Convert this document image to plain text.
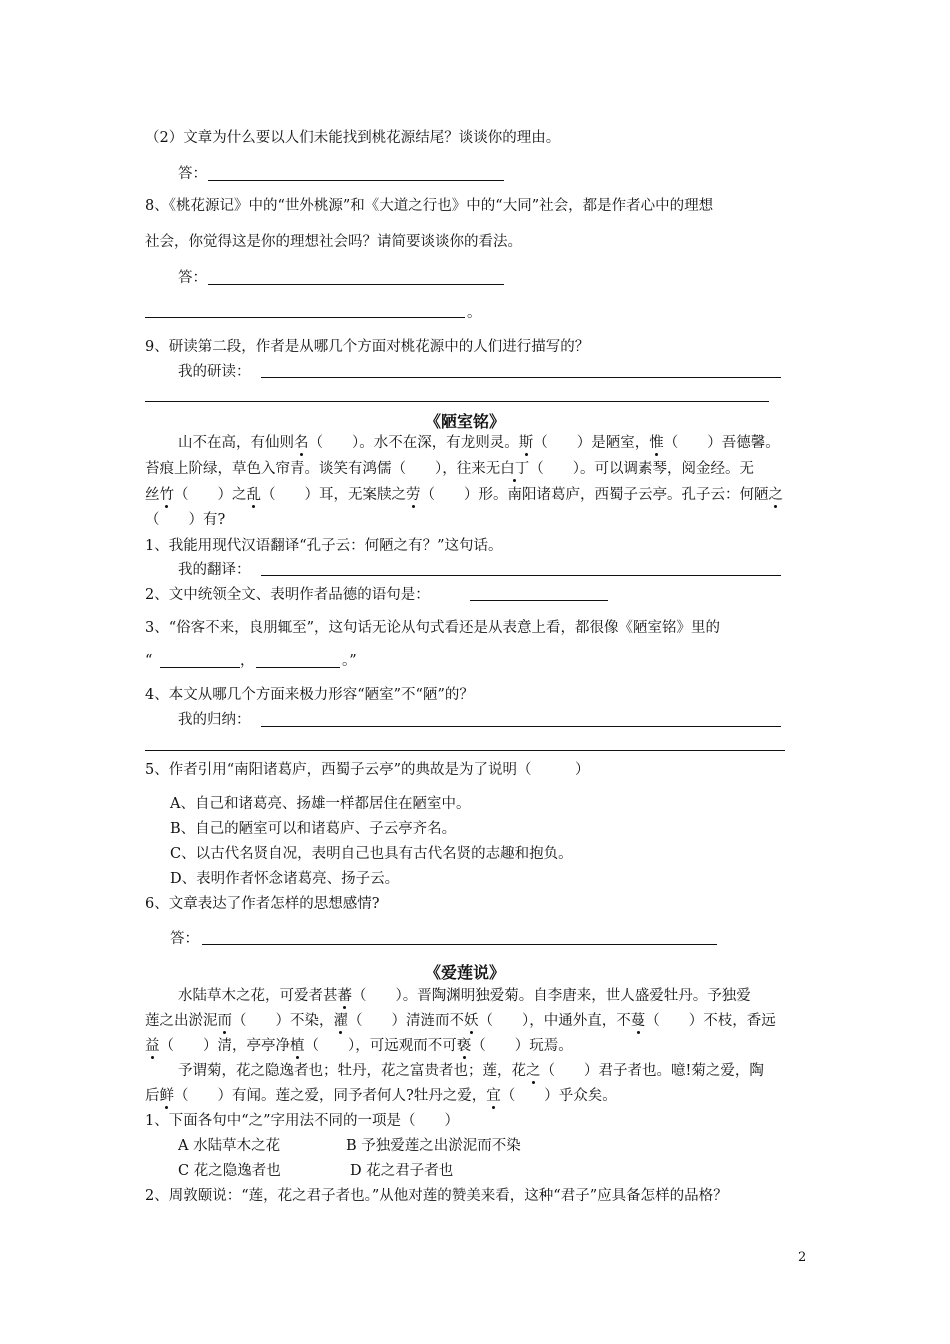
（2）文章为什么要以人们未能找到桃花源结尾？谈谈你的理由。
答：
8、《桃花源记》中的“世外桃源”和《大道之行也》中的“大同”社会，都是作者心中的理想
社会，你觉得这是你的理想社会吗？请简要谈谈你的看法。
答：
。
9、研读第二段，作者是从哪几个方面对桃花源中的人们进行描写的？
我的研读：
《陋室铭》
山不在高，有仙则名（　　）。水不在深，有龙则灵。斯（　　）是陋室，惟（　　）吾德馨。
苔痕上阶绿，草色入帘青。谈笑有鸿儒（　　），往来无白丁（　　）。可以调素琴，阅金经。无
丝竹（　　）之乱（　　）耳，无案牍之劳（　　）形。南阳诸葛庐，西蜀子云亭。孔子云：何陋之
（　　）有?
1、我能用现代汉语翻译“孔子云：何陋之有？”这句话。
我的翻译：
2、文中统领全文、表明作者品德的语句是：
3、“俗客不来，良朋辄至”，这句话无论从句式看还是从表意上看，都很像《陋室铭》里的
“	，	。”
4、本文从哪几个方面来极力形容“陋室”不“陋”的？
我的归纳：
5、作者引用“南阳诸葛庐，西蜀子云亭”的典故是为了说明（　　　）
A、自己和诸葛亮、扬雄一样都居住在陋室中。
B、自己的陋室可以和诸葛庐、子云亭齐名。
C、以古代名贤自况，表明自己也具有古代名贤的志趣和抱负。
D、表明作者怀念诸葛亮、扬子云。
6、文章表达了作者怎样的思想感情?
答：
《爱莲说》
水陆草木之花，可爱者甚蕃（　　）。晋陶渊明独爱菊。自李唐来，世人盛爱牡丹。予独爱
莲之出淤泥而（　　）不染，濯（　　）清涟而不妖（　　），中通外直，不蔓（　　）不枝，香远
益（　　）清，亭亭净植（　　），可远观而不可亵（　　）玩焉。
予谓菊，花之隐逸者也；牡丹，花之富贵者也；莲，花之（　　）君子者也。噫!菊之爱，陶
后鲜（　　）有闻。莲之爱，同予者何人?牡丹之爱，宜（　　）乎众矣。
1、下面各句中“之”字用法不同的一项是（　　）
A 水陆草木之花	B 予独爱莲之出淤泥而不染
C 花之隐逸者也	D 花之君子者也
2、周敦颐说：“莲，花之君子者也。”从他对莲的赞美来看，这种“君子”应具备怎样的品格？
2
